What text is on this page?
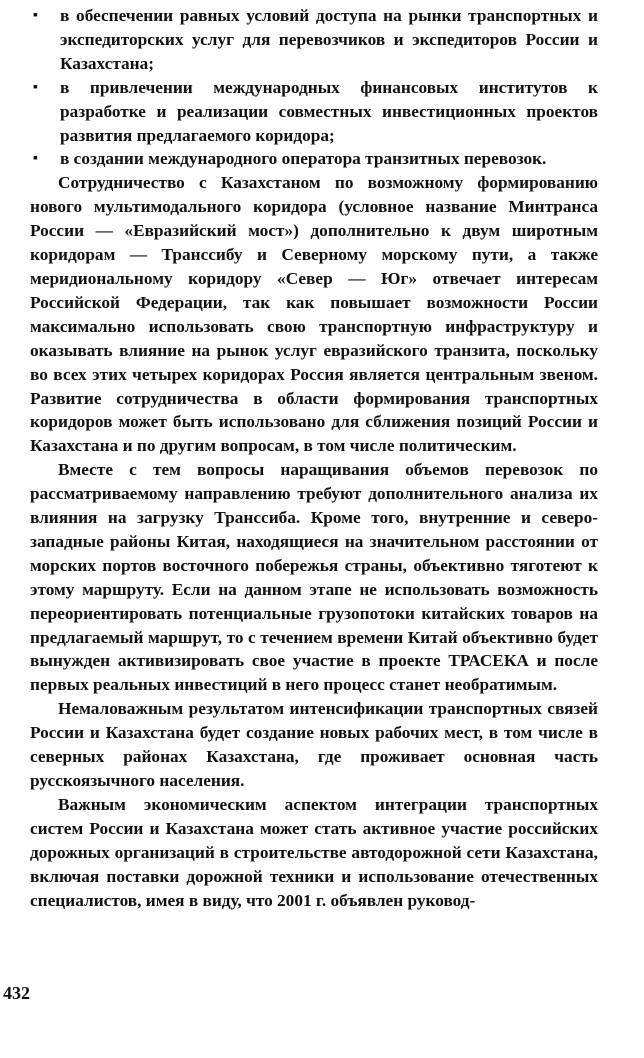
▪ в обеспечении равных условий доступа на рынки транспортных и экспедиторских услуг для перевозчиков и экспедиторов России и Казахстана;
▪ в привлечении международных финансовых институтов к разработке и реализации совместных инвестиционных проектов развития предлагаемого коридора;
▪ в создании международного оператора транзитных перевозок.

Сотрудничество с Казахстаном по возможному формированию нового мультимодального коридора (условное название Минтранса России — «Евразийский мост») дополнительно к двум широтным коридорам — Транссибу и Северному морскому пути, а также меридиональному коридору «Север — Юг» отвечает интересам Российской Федерации, так как повышает возможности России максимально использовать свою транспортную инфраструктуру и оказывать влияние на рынок услуг евразийского транзита, поскольку во всех этих четырех коридорах Россия является центральным звеном. Развитие сотрудничества в области формирования транспортных коридоров может быть использовано для сближения позиций России и Казахстана и по другим вопросам, в том числе политическим.

Вместе с тем вопросы наращивания объемов перевозок по рассматриваемому направлению требуют дополнительного анализа их влияния на загрузку Транссиба. Кроме того, внутренние и северо-западные районы Китая, находящиеся на значительном расстоянии от морских портов восточного побережья страны, объективно тяготеют к этому маршруту. Если на данном этапе не использовать возможность переориентировать потенциальные грузопотоки китайских товаров на предлагаемый маршрут, то с течением времени Китай объективно будет вынужден активизировать свое участие в проекте ТРАСЕКА и после первых реальных инвестиций в него процесс станет необратимым.

Немаловажным результатом интенсификации транспортных связей России и Казахстана будет создание новых рабочих мест, в том числе в северных районах Казахстана, где проживает основная часть русскоязычного населения.

Важным экономическим аспектом интеграции транспортных систем России и Казахстана может стать активное участие российских дорожных организаций в строительстве автодорожной сети Казахстана, включая поставки дорожной техники и использование отечественных специалистов, имея в виду, что 2001 г. объявлен руковод-

432
